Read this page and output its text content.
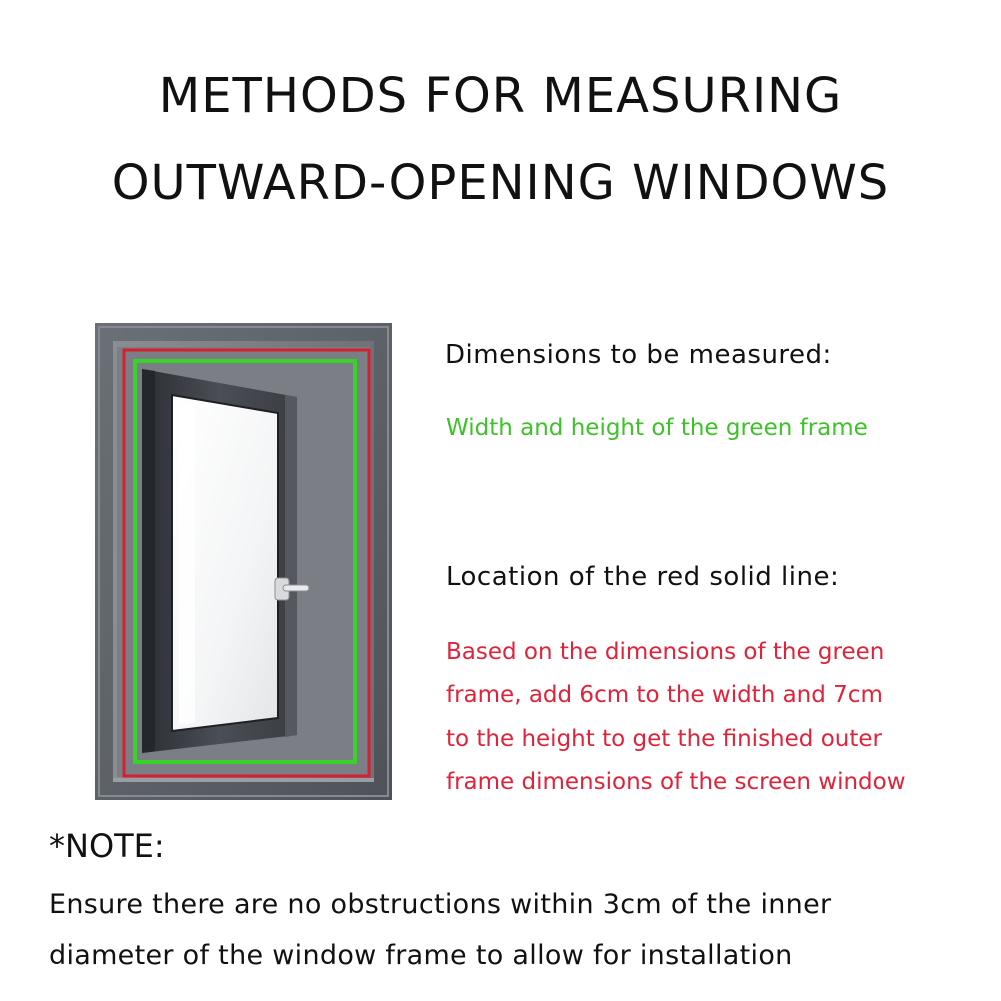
METHODS FOR MEASURING
OUTWARD-OPENING WINDOWS
Dimensions to be measured:
Width and height of the green frame
Location of the red solid line:
Based on the dimensions of the green
frame, add 6cm to the width and 7cm
to the height to get the finished outer
frame dimensions of the screen window
*NOTE:
Ensure there are no obstructions within 3cm of the inner
diameter of the window frame to allow for installation
